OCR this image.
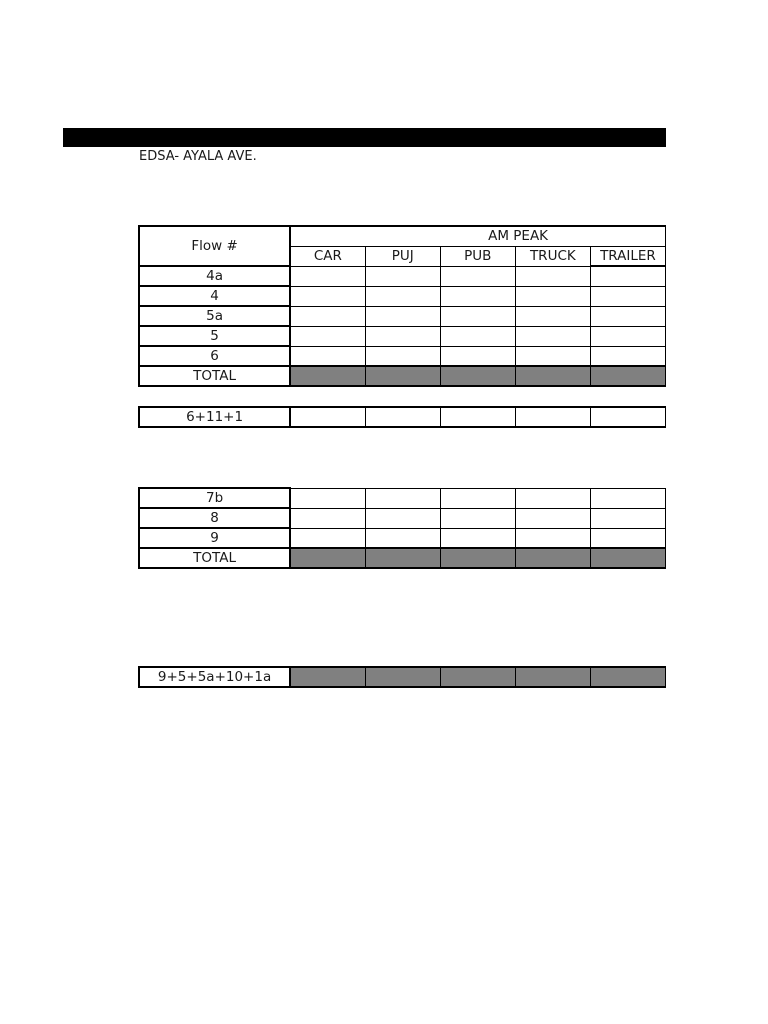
EDSA- AYALA AVE.
Flow #	AM PEAK				
	CAR	PUJ	PUB	TRUCK	TRAILER
4a					
4					
5a					
5					
6					
TOTAL					
6+11+1					
7b					
8					
9					
TOTAL					
9+5+5a+10+1a					
